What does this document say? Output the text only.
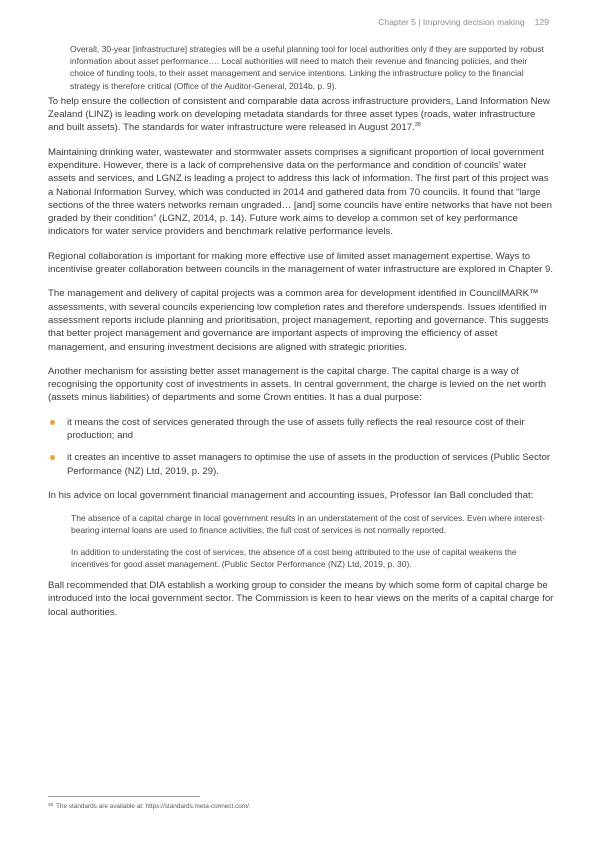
Chapter 5 | Improving decision making 129

Overall, 30-year [infrastructure] strategies will be a useful planning tool for local authorities only if they are supported by robust information about asset performance…. Local authorities will need to match their revenue and financing policies, and their choice of funding tools, to their asset management and service intentions. Linking the infrastructure policy to the financial strategy is therefore critical (Office of the Auditor-General, 2014b, p. 9).

To help ensure the collection of consistent and comparable data across infrastructure providers, Land Information New Zealand (LINZ) is leading work on developing metadata standards for three asset types (roads, water infrastructure and built assets). The standards for water infrastructure were released in August 2017.38

Maintaining drinking water, wastewater and stormwater assets comprises a significant proportion of local government expenditure. However, there is a lack of comprehensive data on the performance and condition of councils’ water assets and services, and LGNZ is leading a project to address this lack of information. The first part of this project was a National Information Survey, which was conducted in 2014 and gathered data from 70 councils. It found that “large sections of the three waters networks remain ungraded… [and] some councils have entire networks that have not been graded by their condition” (LGNZ, 2014, p. 14). Future work aims to develop a common set of key performance indicators for water service providers and benchmark relative performance levels.

Regional collaboration is important for making more effective use of limited asset management expertise. Ways to incentivise greater collaboration between councils in the management of water infrastructure are explored in Chapter 9.

The management and delivery of capital projects was a common area for development identified in CouncilMARK™ assessments, with several councils experiencing low completion rates and therefore underspends. Issues identified in assessment reports include planning and prioritisation, project management, reporting and governance. This suggests that better project management and governance are important aspects of improving the efficiency of asset management, and ensuring investment decisions are aligned with strategic priorities.

Another mechanism for assisting better asset management is the capital charge. The capital charge is a way of recognising the opportunity cost of investments in assets. In central government, the charge is levied on the net worth (assets minus liabilities) of departments and some Crown entities. It has a dual purpose:

it means the cost of services generated through the use of assets fully reflects the real resource cost of their production; and
it creates an incentive to asset managers to optimise the use of assets in the production of services (Public Sector Performance (NZ) Ltd, 2019, p. 29).

In his advice on local government financial management and accounting issues, Professor Ian Ball concluded that:

The absence of a capital charge in local government results in an understatement of the cost of services. Even where interest-bearing internal loans are used to finance activities, the full cost of services is not normally reported.

In addition to understating the cost of services, the absence of a cost being attributed to the use of capital weakens the incentives for good asset management. (Public Sector Performance (NZ) Ltd, 2019, p. 30).

Ball recommended that DIA establish a working group to consider the means by which some form of capital charge be introduced into the local government sector. The Commission is keen to hear views on the merits of a capital charge for local authorities.

$^{38}$ The standards are available at: https://standards.meta-connect.com/.
